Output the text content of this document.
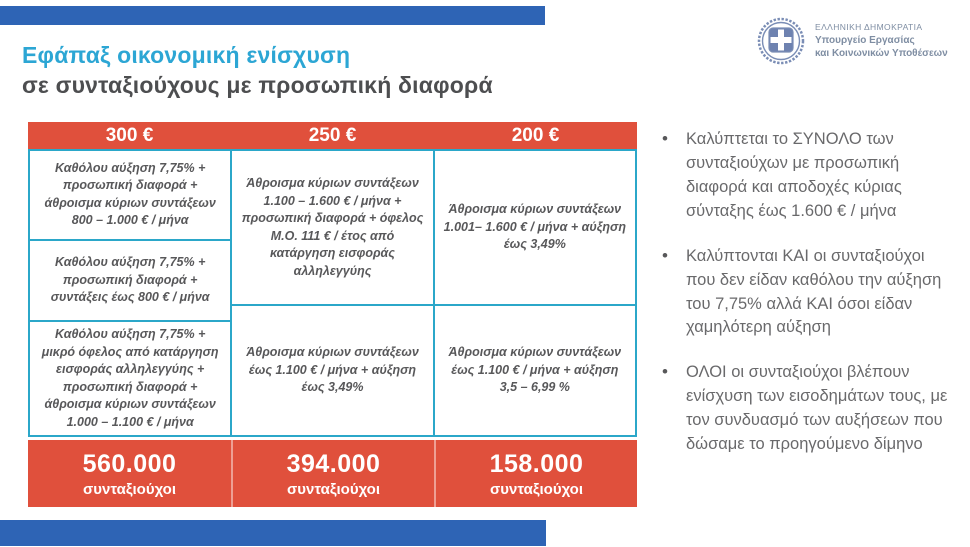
ΕΛΛΗΝΙΚΗ ΔΗΜΟΚΡΑΤΙΑ
Υπουργείο Εργασίας
και Κοινωνικών Υποθέσεων
Εφάπαξ οικονομική ενίσχυση
σε συνταξιούχους με προσωπική διαφορά
300 €	250 €	200 €
Καθόλου αύξηση 7,75% + προσωπική διαφορά + άθροισμα κύριων συντάξεων 800 – 1.000 € / μήνα
Καθόλου αύξηση 7,75% + προσωπική διαφορά + συντάξεις έως 800 € / μήνα
Καθόλου αύξηση 7,75% + μικρό όφελος από κατάργηση εισφοράς αλληλεγγύης + προσωπική διαφορά + άθροισμα κύριων συντάξεων 1.000 – 1.100 € / μήνα
Άθροισμα κύριων συντάξεων 1.100 – 1.600 € / μήνα + προσωπική διαφορά + όφελος Μ.Ο. 111 € / έτος από κατάργηση εισφοράς αλληλεγγύης
Άθροισμα κύριων συντάξεων έως 1.100 € / μήνα + αύξηση έως 3,49%
Άθροισμα κύριων συντάξεων 1.001– 1.600 € / μήνα + αύξηση έως 3,49%
Άθροισμα κύριων συντάξεων έως 1.100 € / μήνα + αύξηση 3,5 – 6,99 %
560.000
συνταξιούχοι
394.000
συνταξιούχοι
158.000
συνταξιούχοι
• Καλύπτεται το ΣΥΝΟΛΟ των συνταξιούχων με προσωπική διαφορά και αποδοχές κύριας σύνταξης έως 1.600 € / μήνα
• Καλύπτονται ΚΑΙ οι συνταξιούχοι που δεν είδαν καθόλου την αύξηση του 7,75% αλλά ΚΑΙ όσοι είδαν χαμηλότερη αύξηση
• ΟΛΟΙ οι συνταξιούχοι βλέπουν ενίσχυση των εισοδημάτων τους, με τον συνδυασμό των αυξήσεων που δώσαμε το προηγούμενο δίμηνο
